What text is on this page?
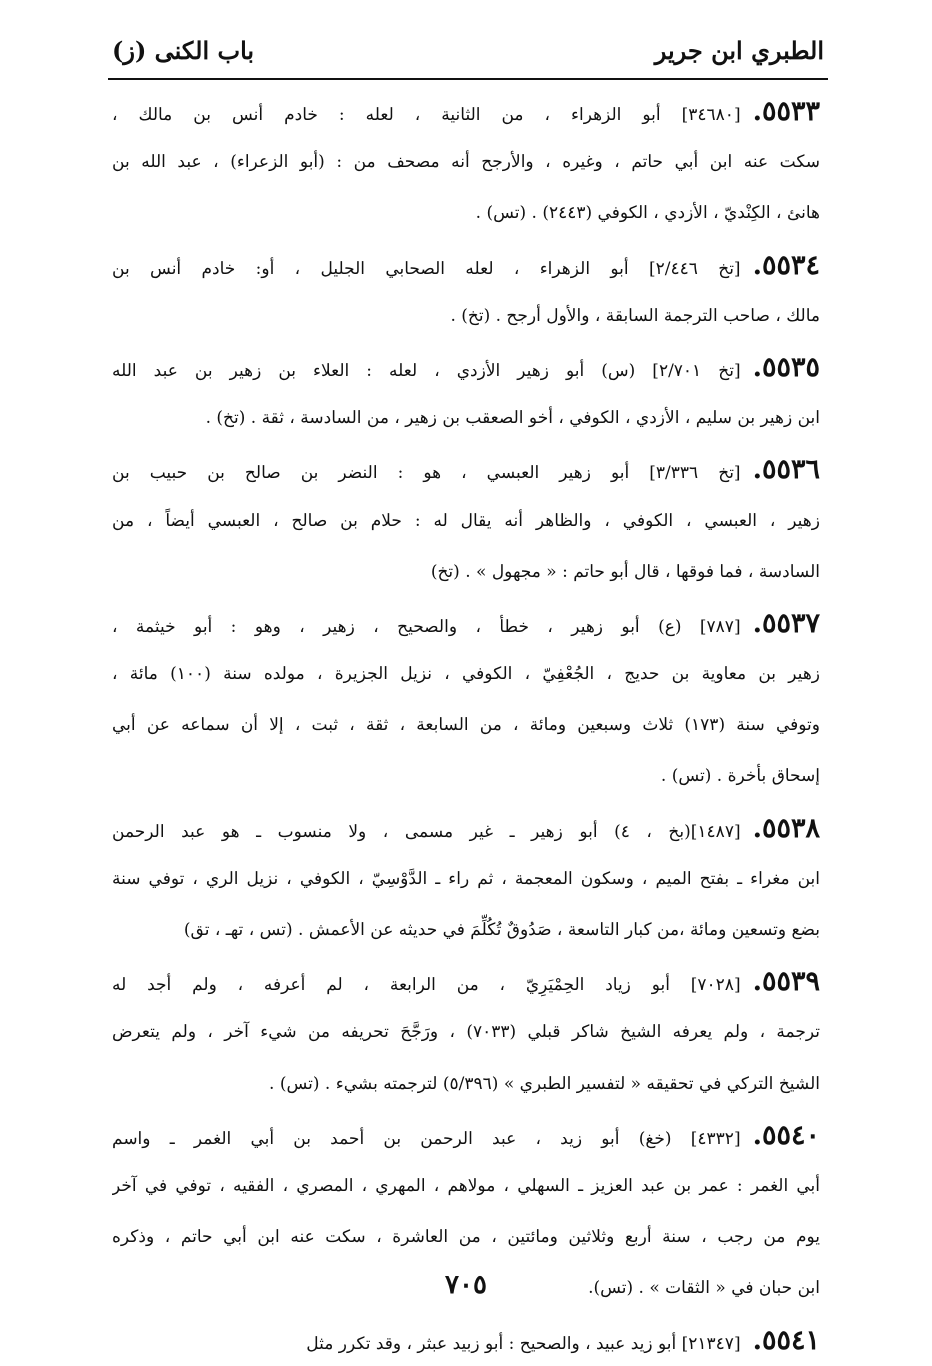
الطبري ابن جرير
باب الكنى (ز)
٥٥٣٣.[٣٤٦٨٠] أبو الزهراء ، من الثانية ، لعله : خادم أنس بن مالك ،
سكت عنه ابن أبي حاتم ، وغيره ، والأرجح أنه مصحف من : (أبو الزعراء) ، عبد الله بن
هانئ ، الكِنْديّ ، الأزدي ، الكوفي (٢٤٤٣) . (تس) .
٥٥٣٤.[تخ ٢/٤٤٦] أبو الزهراء ، لعله الصحابي الجليل ، أو: خادم أنس بن
مالك ، صاحب الترجمة السابقة ، والأول أرجح . (تخ) .
٥٥٣٥.[تخ ٢/٧٠١] (س) أبو زهير الأزدي ، لعله : العلاء بن زهير بن عبد الله
ابن زهير بن سليم ، الأزدي ، الكوفي ، أخو الصعقب بن زهير ، من السادسة ، ثقة . (تخ) .
٥٥٣٦.[تخ ٣/٣٣٦] أبو زهير العبسي ، هو : النضر بن صالح بن حبيب بن
زهير ، العبسي ، الكوفي ، والظاهر أنه يقال له : حلام بن صالح ، العبسي أيضاً ، من
السادسة ، فما فوقها ، قال أبو حاتم : « مجهول » . (تخ)
٥٥٣٧.[٧٨٧] (ع) أبو زهير ، خطأ ، والصحيح ، زهير ، وهو : أبو خيثمة ،
زهير بن معاوية بن حديج ، الجُعْفِيّ ، الكوفي ، نزيل الجزيرة ، مولده سنة (١٠٠) مائة ،
وتوفي سنة (١٧٣) ثلاث وسبعين ومائة ، من السابعة ، ثقة ، ثبت ، إلا أن سماعه عن أبي
إسحاق بأخرة . (تس) .
٥٥٣٨.[١٤٨٧](بخ ، ٤) أبو زهير ـ غير مسمى ، ولا منسوب ـ هو عبد الرحمن
ابن مغراء ـ بفتح الميم ، وسكون المعجمة ، ثم راء ـ الدَّوْسِيّ ، الكوفي ، نزيل الري ، توفي سنة
بضع وتسعين ومائة ،من كبار التاسعة ، صَدُوقٌ تُكُلِّمَ في حديثه عن الأعمش . (تس ، تهـ ، تق)
٥٥٣٩.[٧٠٢٨] أبو زياد الحِمْيَرِيّ ، من الرابعة ، لم أعرفه ، ولم أجد له
ترجمة ، ولم يعرفه الشيخ شاكر قبلي (٧٠٣٣) ، ورَجَّحَ تحريفه من شيء آخر ، ولم يتعرض
الشيخ التركي في تحقيقه « لتفسير الطبري » (٥/٣٩٦) لترجمته بشيء . (تس) .
٥٥٤٠.[٤٣٣٢] (خغ) أبو زيد ، عبد الرحمن بن أحمد بن أبي الغمر ـ واسم
أبي الغمر : عمر بن عبد العزيز ـ السهلي ، مولاهم ، المهري ، المصري ، الفقيه ، توفي في آخر
يوم من رجب ، سنة أربع وثلاثين ومائتين ، من العاشرة ، سكت عنه ابن أبي حاتم ، وذكره
ابن حبان في « الثقات » . (تس).
٥٥٤١.[٢١٣٤٧] أبو زيد عبيد ، والصحيح : أبو زبيد عبثر ، وقد تكرر مثل
٧٠٥
